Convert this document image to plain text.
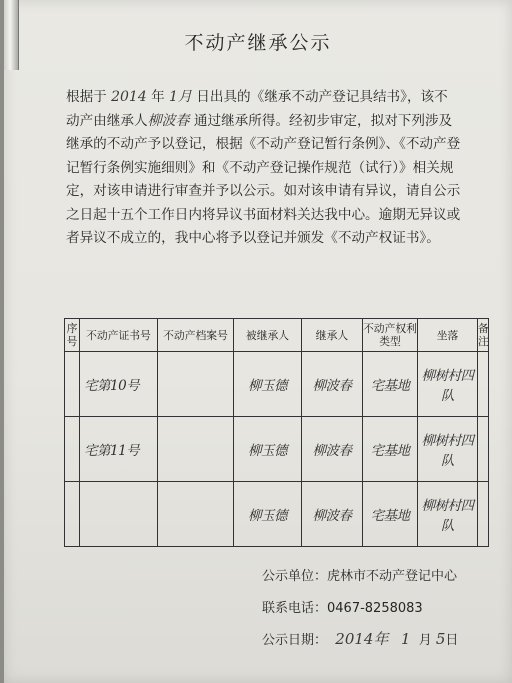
不动产继承公示
根据于 2014 年 1月 日出具的《继承不动产登记具结书》，该不动产由继承人柳波春 通过继承所得。经初步审定，拟对下列涉及继承的不动产予以登记，根据《不动产登记暂行条例》、《不动产登记暂行条例实施细则》和《不动产登记操作规范（试行）》相关规定，对该申请进行审查并予以公示。如对该申请有异议，请自公示之日起十五个工作日内将异议书面材料关达我中心。逾期无异议或者异议不成立的，我中心将予以登记并颁发《不动产权证书》。
序号	不动产证书号	不动产档案号	被继承人	继承人	不动产权利类型	坐落	备注
	宅第10号		柳玉德	柳波春	宅基地	柳树村四队	
	宅第11号		柳玉德	柳波春	宅基地	柳树村四队	
			柳玉德	柳波春	宅基地	柳树村四队	
公示单位：虎林市不动产登记中心
联系电话：0467-8258083
公示日期： 2014年 1 月 5日
